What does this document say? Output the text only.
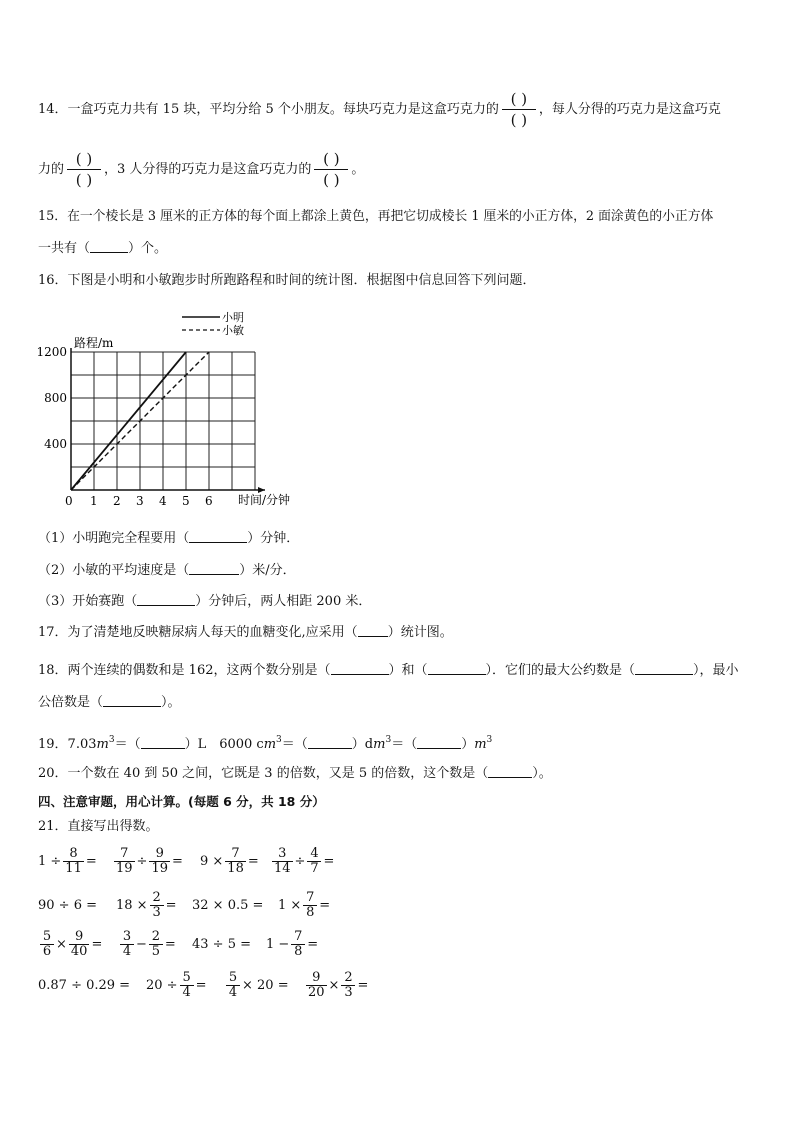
14．一盒巧克力共有 15 块，平均分给 5 个小朋友。每块巧克力是这盒巧克力的
( )
( )
，每人分得的巧克力是这盒巧克
力的
( )
( )
，3 人分得的巧克力是这盒巧克力的
( )
( )
。
15．在一个棱长是 3 厘米的正方体的每个面上都涂上黄色，再把它切成棱长 1 厘米的小正方体，2 面涂黄色的小正方体
一共有（	）个。
16．下图是小明和小敏跑步时所跑路程和时间的统计图．根据图中信息回答下列问题．
0 1 2 3 4 5 6
400
800
1200
小明
小敏
路程/m
时间/分钟
（1）小明跑完全程要用（	）分钟．
（2）小敏的平均速度是（	）米/分．
（3）开始赛跑（	）分钟后，两人相距 200 米．
17．为了清楚地反映糖尿病人每天的血糖变化,应采用（ ）统计图。
18．两个连续的偶数和是 162，这两个数分别是（	）和（	）．它们的最大公约数是（	），最小
公倍数是（	）。
19．$7.03m^3=$（	）L　6000 $cm^3=$（	）$dm^3=$（	）$m^3$
20．一个数在 40 到 50 之间，它既是 3 的倍数，又是 5 的倍数，这个数是（	）。
四、注意审题，用心计算。(每题 6 分，共 18 分）
21．直接写出得数。
$1 \div \frac{8}{11} = \frac{7}{19} \div \frac{9}{19} = 9 \times \frac{7}{18} = \frac{3}{14} \div \frac{4}{7}$ =
$90 \div 6 = 18 \times \frac{2}{3} = 32 \times 0.5 = 1 \times \frac{7}{8}$ =
$\frac{5}{6} \times \frac{9}{40} = \frac{3}{4} - \frac{2}{5} = 43 \div 5 = 1 - \frac{7}{8}$ =
$0.87 \div 0.29 = 20 \div \frac{5}{4} = \frac{5}{4} \times 20 = \frac{9}{20} \times \frac{2}{3}$ =
